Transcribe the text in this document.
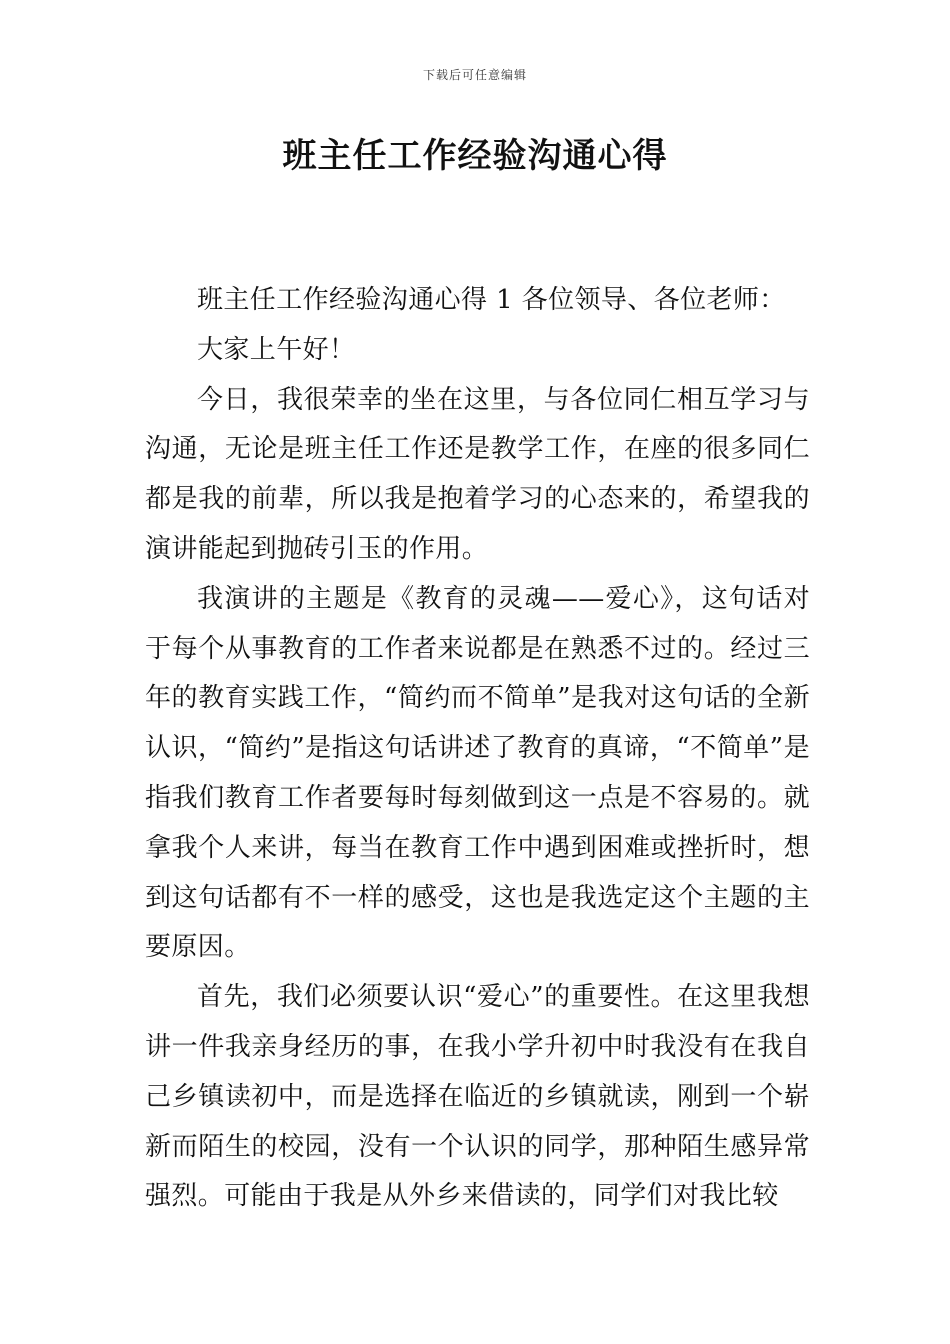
下载后可任意编辑
班主任工作经验沟通心得

班主任工作经验沟通心得 1 各位领导、各位老师：

大家上午好！

今日，我很荣幸的坐在这里，与各位同仁相互学习与沟通，无论是班主任工作还是教学工作，在座的很多同仁都是我的前辈，所以我是抱着学习的心态来的，希望我的演讲能起到抛砖引玉的作用。

我演讲的主题是《教育的灵魂——爱心》，这句话对于每个从事教育的工作者来说都是在熟悉不过的。经过三年的教育实践工作，“简约而不简单”是我对这句话的全新认识，“简约”是指这句话讲述了教育的真谛，“不简单”是指我们教育工作者要每时每刻做到这一点是不容易的。就拿我个人来讲，每当在教育工作中遇到困难或挫折时，想到这句话都有不一样的感受，这也是我选定这个主题的主要原因。

首先，我们必须要认识“爱心”的重要性。在这里我想讲一件我亲身经历的事，在我小学升初中时我没有在我自己乡镇读初中，而是选择在临近的乡镇就读，刚到一个崭新而陌生的校园，没有一个认识的同学，那种陌生感异常强烈。可能由于我是从外乡来借读的，同学们对我比较
